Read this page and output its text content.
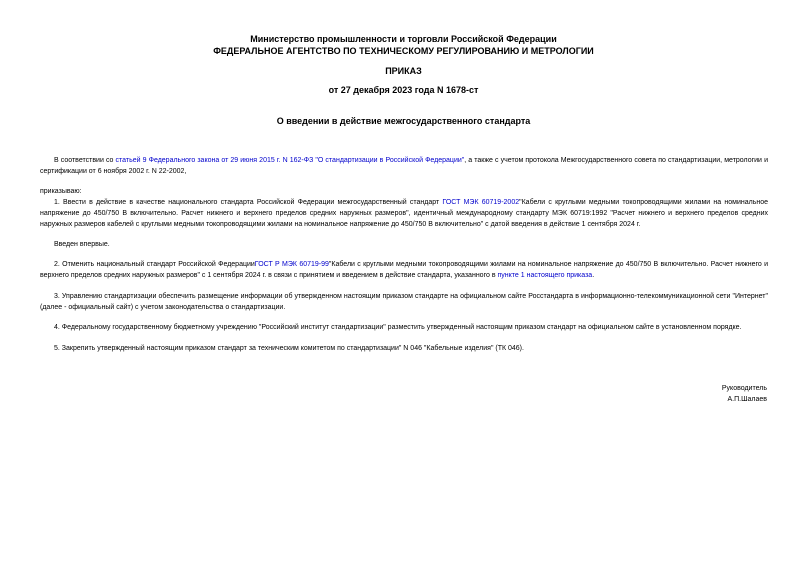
Министерство промышленности и торговли Российской Федерации
ФЕДЕРАЛЬНОЕ АГЕНТСТВО ПО ТЕХНИЧЕСКОМУ РЕГУЛИРОВАНИЮ И МЕТРОЛОГИИ
ПРИКАЗ
от 27 декабря 2023 года N 1678-ст
О введении в действие межгосударственного стандарта
В соответствии со статьей 9 Федерального закона от 29 июня 2015 г. N 162-ФЗ "О стандартизации в Российской Федерации", а также с учетом протокола Межгосударственного совета по стандартизации, метрологии и сертификации от 6 ноября 2002 г. N 22-2002,
приказываю:
1. Ввести в действие в качестве национального стандарта Российской Федерации межгосударственный стандарт ГОСТ МЭК 60719-2002"Кабели с круглыми медными токопроводящими жилами на номинальное напряжение до 450/750 В включительно. Расчет нижнего и верхнего пределов средних наружных размеров", идентичный международному стандарту МЭК 60719:1992 "Расчет нижнего и верхнего пределов средних наружных размеров кабелей с круглыми медными токопроводящими жилами на номинальное напряжение до 450/750 В включительно" с датой введения в действие 1 сентября 2024 г.
Введен впервые.
2. Отменить национальный стандарт Российской ФедерацииГОСТ Р МЭК 60719-99"Кабели с круглыми медными токопроводящими жилами на номинальное напряжение до 450/750 В включительно. Расчет нижнего и верхнего пределов средних наружных размеров" с 1 сентября 2024 г. в связи с принятием и введением в действие стандарта, указанного в пункте 1 настоящего приказа.
3. Управлению стандартизации обеспечить размещение информации об утвержденном настоящим приказом стандарте на официальном сайте Росстандарта в информационно-телекоммуникационной сети "Интернет" (далее - официальный сайт) с учетом законодательства о стандартизации.
4. Федеральному государственному бюджетному учреждению "Российский институт стандартизации" разместить утвержденный настоящим приказом стандарт на официальном сайте в установленном порядке.
5. Закрепить утвержденный настоящим приказом стандарт за техническим комитетом по стандартизации" N 046 "Кабельные изделия" (ТК 046).
Руководитель
А.П.Шалаев
